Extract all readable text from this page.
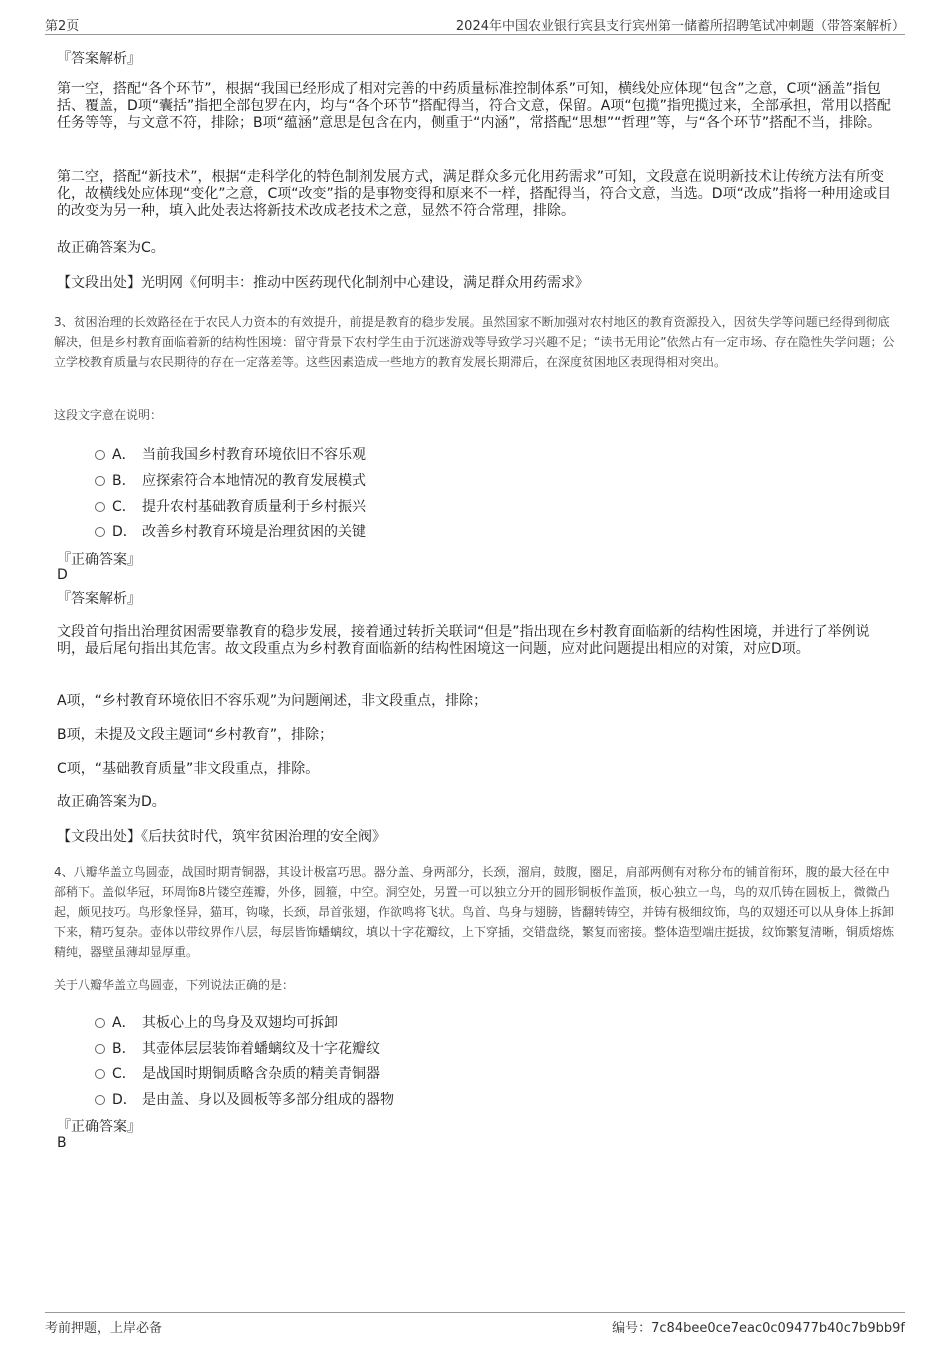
第2页	2024年中国农业银行宾县支行宾州第一储蓄所招聘笔试冲刺题（带答案解析）
『答案解析』
第一空，搭配“各个环节”，根据“我国已经形成了相对完善的中药质量标准控制体系”可知，横线处应体现“包含”之意，C项“涵盖”指包括、覆盖，D项“囊括”指把全部包罗在内，均与“各个环节”搭配得当，符合文意，保留。A项“包揽”指兜揽过来，全部承担，常用以搭配任务等等，与文意不符，排除；B项“蕴涵”意思是包含在内，侧重于“内涵”，常搭配“思想”“哲理”等，与“各个环节”搭配不当，排除。
第二空，搭配“新技术”，根据“走科学化的特色制剂发展方式，满足群众多元化用药需求”可知，文段意在说明新技术让传统方法有所变化，故横线处应体现“变化”之意，C项“改变”指的是事物变得和原来不一样，搭配得当，符合文意，当选。D项“改成”指将一种用途或目的改变为另一种，填入此处表达将新技术改成老技术之意，显然不符合常理，排除。
故正确答案为C。
【文段出处】光明网《何明丰：推动中医药现代化制剂中心建设，满足群众用药需求》
3、贫困治理的长效路径在于农民人力资本的有效提升，前提是教育的稳步发展。虽然国家不断加强对农村地区的教育资源投入，因贫失学等问题已经得到彻底解决，但是乡村教育面临着新的结构性困境：留守背景下农村学生由于沉迷游戏等导致学习兴趣不足；“读书无用论”依然占有一定市场、存在隐性失学问题；公立学校教育质量与农民期待的存在一定落差等。这些因素造成一些地方的教育发展长期滞后，在深度贫困地区表现得相对突出。
这段文字意在说明：
A． 当前我国乡村教育环境依旧不容乐观
B． 应探索符合本地情况的教育发展模式
C． 提升农村基础教育质量利于乡村振兴
D． 改善乡村教育环境是治理贫困的关键
『正确答案』
D
『答案解析』
文段首句指出治理贫困需要靠教育的稳步发展，接着通过转折关联词“但是”指出现在乡村教育面临新的结构性困境，并进行了举例说明，最后尾句指出其危害。故文段重点为乡村教育面临新的结构性困境这一问题，应对此问题提出相应的对策，对应D项。
A项，“乡村教育环境依旧不容乐观”为问题阐述，非文段重点，排除；
B项，未提及文段主题词“乡村教育”，排除；
C项，“基础教育质量”非文段重点，排除。
故正确答案为D。
【文段出处】《后扶贫时代，筑牢贫困治理的安全阀》
4、八瓣华盖立鸟圆壶，战国时期青铜器，其设计极富巧思。器分盖、身两部分，长颈，溜肩，鼓腹，圈足，肩部两侧有对称分布的铺首衔环，腹的最大径在中部稍下。盖似华冠，环周饰8片镂空莲瓣，外侈，圆箍，中空。洞空处，另置一可以独立分开的圆形铜板作盖顶，板心独立一鸟，鸟的双爪铸在圆板上，微微凸起，颇见技巧。鸟形象怪异，猫耳，钩喙，长颈，昂首张翅，作欲鸣将飞状。鸟首、鸟身与翅膀，皆翻转铸空，并铸有极细纹饰，鸟的双翅还可以从身体上拆卸下来，精巧复杂。壶体以带纹界作八层，每层皆饰蟠螭纹，填以十字花瓣纹，上下穿插，交错盘绕，繁复而密接。整体造型端庄挺拔，纹饰繁复清晰，铜质熔炼精纯，器壁虽薄却显厚重。
关于八瓣华盖立鸟圆壶，下列说法正确的是：
A． 其板心上的鸟身及双翅均可拆卸
B． 其壶体层层装饰着蟠螭纹及十字花瓣纹
C． 是战国时期铜质略含杂质的精美青铜器
D． 是由盖、身以及圆板等多部分组成的器物
『正确答案』
B
考前押题，上岸必备	编号：7c84bee0ce7eac0c09477b40c7b9bb9f
